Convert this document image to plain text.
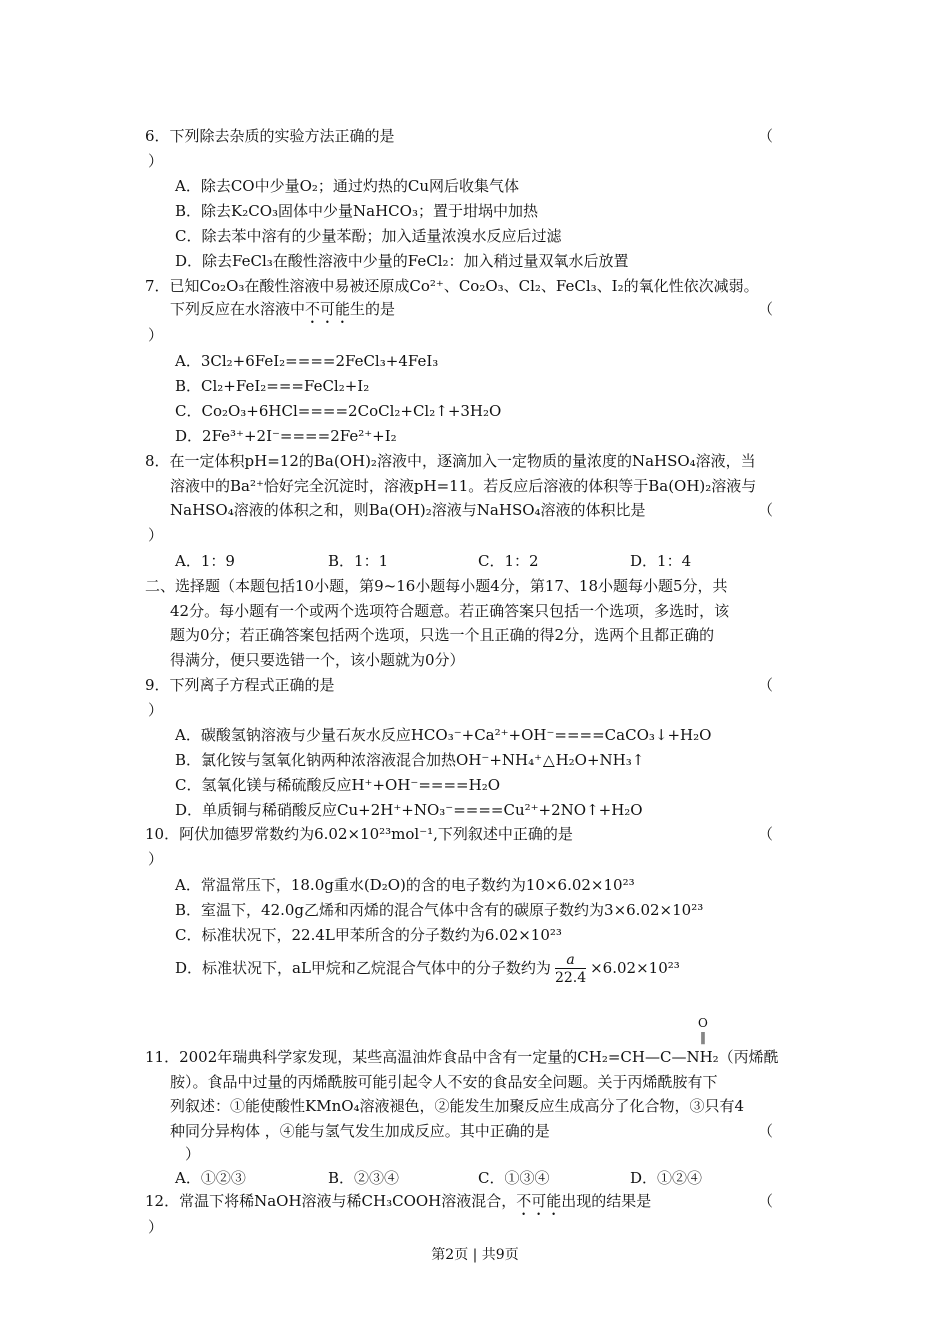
6．下列除去杂质的实验方法正确的是	（
）
A．除去CO中少量O₂；通过灼热的Cu网后收集气体
B．除去K₂CO₃固体中少量NaHCO₃；置于坩埚中加热
C．除去苯中溶有的少量苯酚；加入适量浓溴水反应后过滤
D．除去FeCl₃在酸性溶液中少量的FeCl₂：加入稍过量双氧水后放置
7．已知Co₂O₃在酸性溶液中易被还原成Co²⁺、Co₂O₃、Cl₂、FeCl₃、I₂的氧化性依次减弱。
下列反应在水溶液中不可能生的是	（
）
A．3Cl₂+6FeI₂====2FeCl₃+4FeI₃
B．Cl₂+FeI₂===FeCl₂+I₂
C．Co₂O₃+6HCl====2CoCl₂+Cl₂↑+3H₂O
D．2Fe³⁺+2I⁻====2Fe²⁺+I₂
8．在一定体积pH=12的Ba(OH)₂溶液中，逐滴加入一定物质的量浓度的NaHSO₄溶液，当
溶液中的Ba²⁺恰好完全沉淀时，溶液pH=11。若反应后溶液的体积等于Ba(OH)₂溶液与
NaHSO₄溶液的体积之和，则Ba(OH)₂溶液与NaHSO₄溶液的体积比是	（
）
A．1：9	B．1：1	C．1：2	D．1：4
二、选择题（本题包括10小题，第9~16小题每小题4分，第17、18小题每小题5分，共
42分。每小题有一个或两个选项符合题意。若正确答案只包括一个选项，多选时，该
题为0分；若正确答案包括两个选项，只选一个且正确的得2分，选两个且都正确的
得满分，便只要选错一个，该小题就为0分）
9．下列离子方程式正确的是	（
）
A．碳酸氢钠溶液与少量石灰水反应HCO₃⁻+Ca²⁺+OH⁻====CaCO₃↓+H₂O
B．氯化铵与氢氧化钠两种浓溶液混合加热OH⁻+NH₄⁺△H₂O+NH₃↑
C．氢氧化镁与稀硫酸反应H⁺+OH⁻====H₂O
D．单质铜与稀硝酸反应Cu+2H⁺+NO₃⁻====Cu²⁺+2NO↑+H₂O
10．阿伏加德罗常数约为6.02×10²³mol⁻¹,下列叙述中正确的是	（
）
A．常温常压下，18.0g重水(D₂O)的含的电子数约为10×6.02×10²³
B．室温下，42.0g乙烯和丙烯的混合气体中含有的碳原子数约为3×6.02×10²³
C．标准状况下，22.4L甲苯所含的分子数约为6.02×10²³
D．标准状况下，aL甲烷和乙烷混合气体中的分子数约为 $\frac{a}{22.4} \times 6.02\times 10^{23}$
O
‖
11．2002年瑞典科学家发现，某些高温油炸食品中含有一定量的CH₂=CH—C—NH₂（丙烯酰
胺）。食品中过量的丙烯酰胺可能引起令人不安的食品安全问题。关于丙烯酰胺有下
列叙述：①能使酸性KMnO₄溶液褪色，②能发生加聚反应生成高分了化合物，③只有4
种同分异构体 ，④能与氢气发生加成反应。其中正确的是	（
）
A．①②③	B．②③④	C．①③④	D．①②④
12．常温下将稀NaOH溶液与稀CH₃COOH溶液混合，不可能出现的结果是	（
）
第2页 | 共9页
